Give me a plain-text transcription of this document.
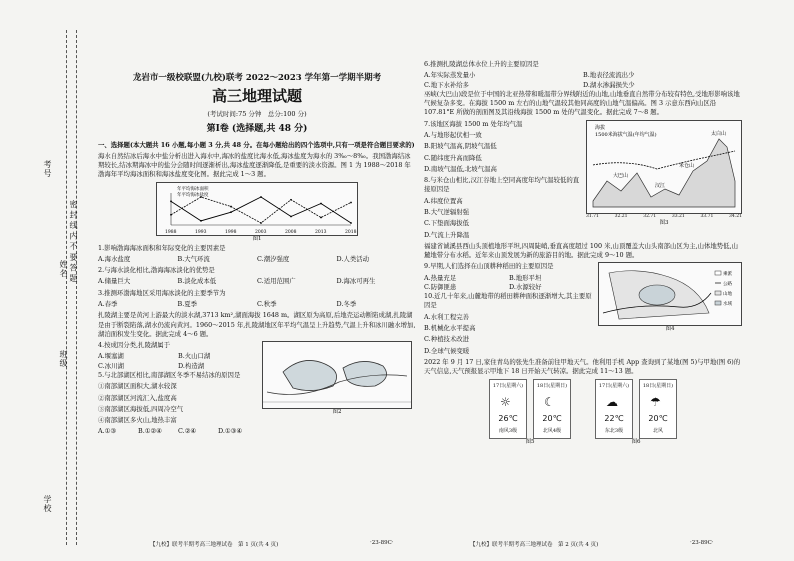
考号
姓名
班级
学校
密 封 线 内 不 要 答 题
龙岩市一级校联盟(九校)联考 2022～2023 学年第一学期半期考
高三地理试题
(考试时间:75 分钟　总分:100 分)
第Ⅰ卷 (选择题,共 48 分)

一、选择题(本大题共 16 小题,每小题 3 分,共 48 分。在每小题给出的四个选项中,只有一项是符合题目要求的)

海水自然结冰后海水中盐分析出进入海水中,海冰的盐度比海水低,海冰盐度为海水的 3‰～8‰。我国渤海结冰期较长,结冰期海冰中的盐分会随时间逐渐析出,海冰盐度逐渐降低,是重要的淡水资源。图 1 为 1988～2018 年渤海年平均海冰面积和海冰盐度变化图。据此完成 1～3 题。

1988	1993	1998	2003	2008	2013	2018
年平均海冰面积
年平均海冰盐度
图1

1.影响渤海海冰面积和年际变化的主要因素是

A.海水盐度	B.大气环流	C.潮汐强度	D.人类活动

2.与海水淡化相比,渤海海冰淡化的优势是

A.储量巨大	B.淡化成本低	C.适用范围广	D.海冰可再生

3.推测环渤海地区采用海冰淡化的主要季节为

A.春季	B.夏季	C.秋季	D.冬季

扎陵湖主要是黄河上游最大的淡水湖,3713 km²,湖面海拔 1648 m。湖区原为高原,后地壳运动断陷成湖,扎陵湖是由于断裂陷落,湖水仍流向黄河。1960～2015 年,扎陵湖地区年平均气温呈上升趋势,气温上升和冰川融水增加,湖泊面积发生变化。据此完成 4～6 题。

4.按成因分类,扎陵湖属于

A.堰塞湖	B.火山口湖
C.冰川湖	D.构造湖

5.与北部湖区相比,南部湖区冬季不易结冰的原因是

①南部湖区面积大,湖水较深

②南部湖区河流汇入,盐度高

③南部湖区海拔低,四周冷空气

④南部湖区多火山,地热丰富

A.①③	B.①②④	C.②④	D.①③④
图2
【九校】联考半期考高三地理试卷　第 1 页(共 4 页)	·23-89C·

6.推测扎陵湖总体水位上升的主要原因是

A.年实际蒸发量小	B.地表径流流出少
C.地下水补给多	D.湖水渗漏损失少

巫峡(大巴山)段是位于中国的北亚热带和暖温带分界线附近的山地,山地垂直自然带分布较有特色,受地形影响该地气候复杂多变。在海拔 1500 m 左右的山地气温较其他同高度的山地气温偏高。图 3 示意东西向山区沿 107.81°E 所做的剖面图及其沿线海拔 1500 m 处的气温变化。据此完成 7～8 题。

7.该地区海拔 1500 m 处年均气温

A.与地形起伏相一致

B.阳坡气温高,阴坡气温低

C.随纬度升高而降低

D.南坡气温低,北坡气温高

8.与米仓山相比,汉江谷地上空同高度年均气温较低的直接原因是

A.纬度位置高

B.大气逆辐射强

C.下垫面海拔低

D.气流上升降温

海拔
1500米海拔气温(年均气温)
大巴山
汉江
米仓山
太白山
31.71	32.21	32.71	33.21	33.71	34.21
图3

福建省诚溪县西山头顶植地形平坦,四周陡峭,垂直高度超过 100 米,山顶覆盖大山头南部山区为主,山体地势低,山麓地带分布水稻。近年来山顶发展为新的旅游目的地。据此完成 9～10 题。

9.早期,人们选择在山顶耕种稻田的主要原因是

A.热量充足	B.地形平坦
C.防御匪患	D.水源较好

10.近几十年来,山麓地带的稻田耕种面积逐渐增大,其主要原因是

A.水利工程完善

B.机械化水平提高

C.种植技术改进

D.全球气候变暖

乘派
公路
山地
水域
图4

2022 年 9 月 17 日,家住青岛的张先生准备前往甲地天气。他利用手机 App 查询到了某地(图 5)与甲地(图 6)的天气信息,天气预报显示甲地下 18 日开始天气转凉。据此完成 11～13 题。

17日(星期六)
☼
26℃
南风3级
18日(星期日)
☾
20℃
北风4级
图5
17日(星期六)
☁
22℃
东北3级
18日(星期日)
☂
20℃
北风
图6
【九校】联考半期考高三地理试卷　第 2 页(共 4 页)	·23-89C·
